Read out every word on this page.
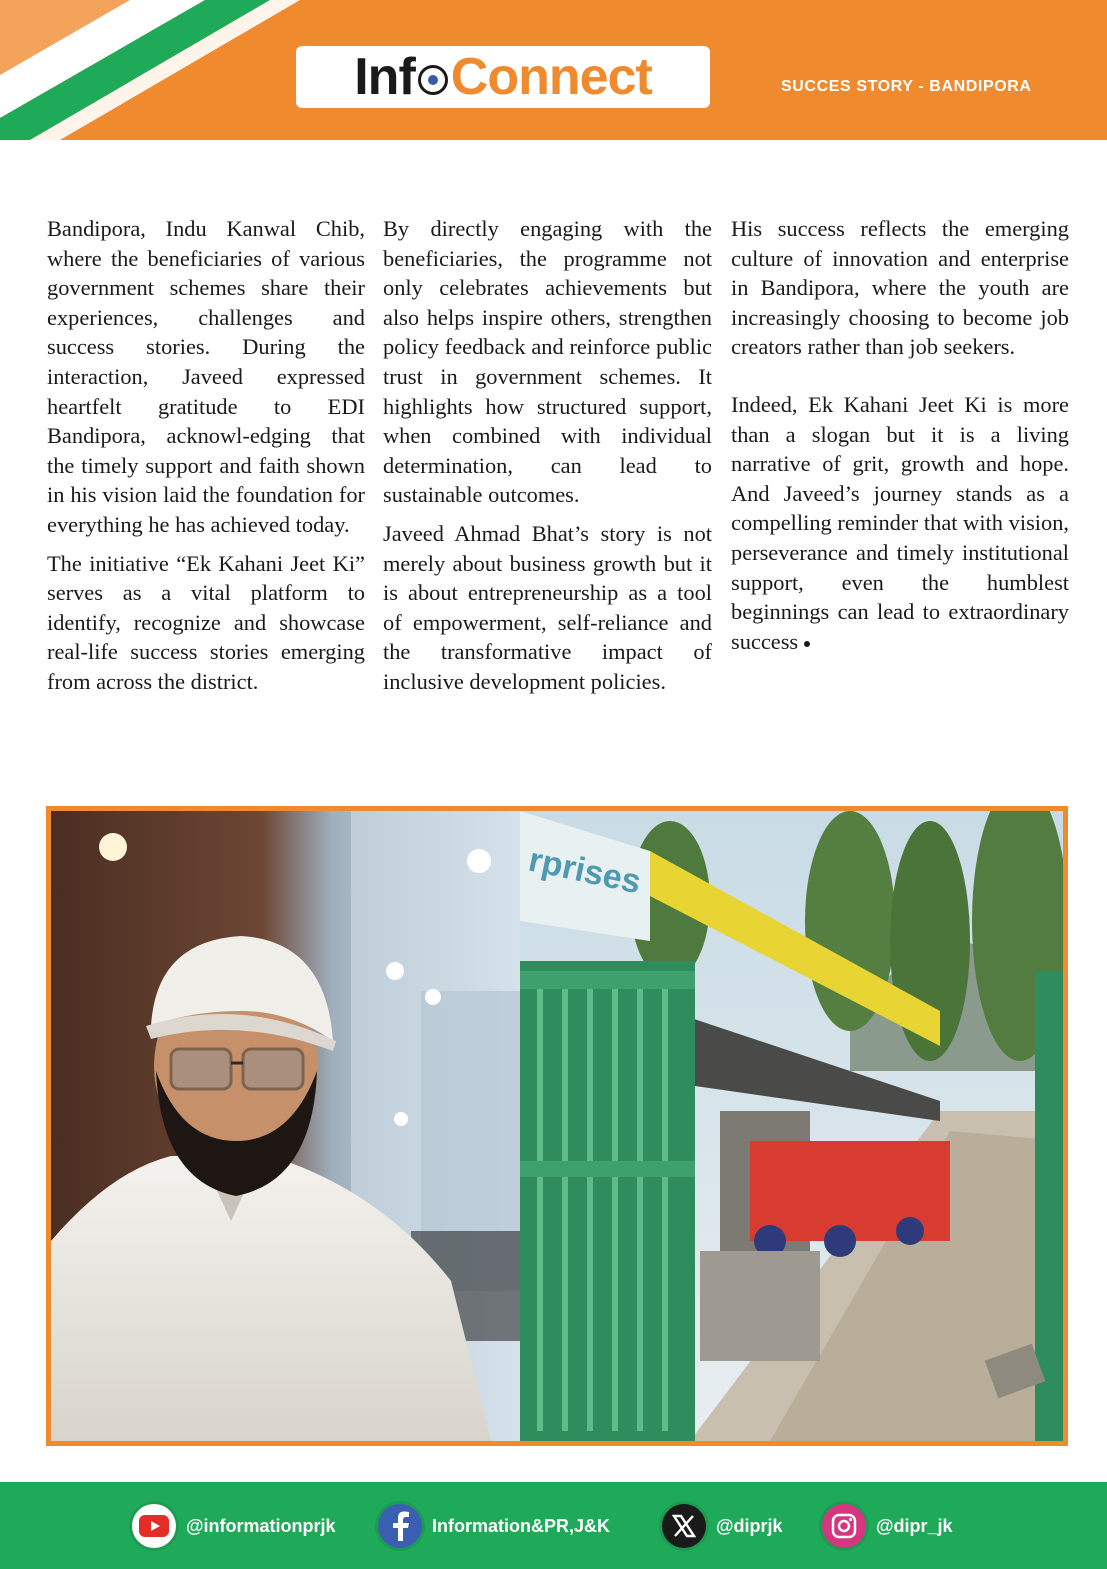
Inf Connect	SUCCES STORY - BANDIPORA

Bandipora, Indu Kanwal Chib, where the beneficiaries of various government schemes share their experiences, challenges and success stories. During the interaction, Javeed expressed heartfelt gratitude to EDI Bandipora, acknowl-edging that the timely support and faith shown in his vision laid the foundation for everything he has achieved today.

The initiative “Ek Kahani Jeet Ki” serves as a vital platform to identify, recognize and showcase real-life success stories emerging from across the district.

By directly engaging with the beneficiaries, the programme not only celebrates achievements but also helps inspire others, strengthen policy feedback and reinforce public trust in government schemes. It highlights how structured support, when combined with individual determination, can lead to sustainable outcomes.

Javeed Ahmad Bhat’s story is not merely about business growth but it is about entrepreneurship as a tool of empowerment, self-reliance and the transformative impact of inclusive development policies.

His success reflects the emerging culture of innovation and enterprise in Bandipora, where the youth are increasingly choosing to become job creators rather than job seekers.

Indeed, Ek Kahani Jeet Ki is more than a slogan but it is a living narrative of grit, growth and hope. And Javeed’s journey stands as a compelling reminder that with vision, perseverance and timely institutional support, even the humblest beginnings can lead to extraordinary success

rprises
@informationprjk	Information&PR,J&K	@diprjk	@dipr_jk
